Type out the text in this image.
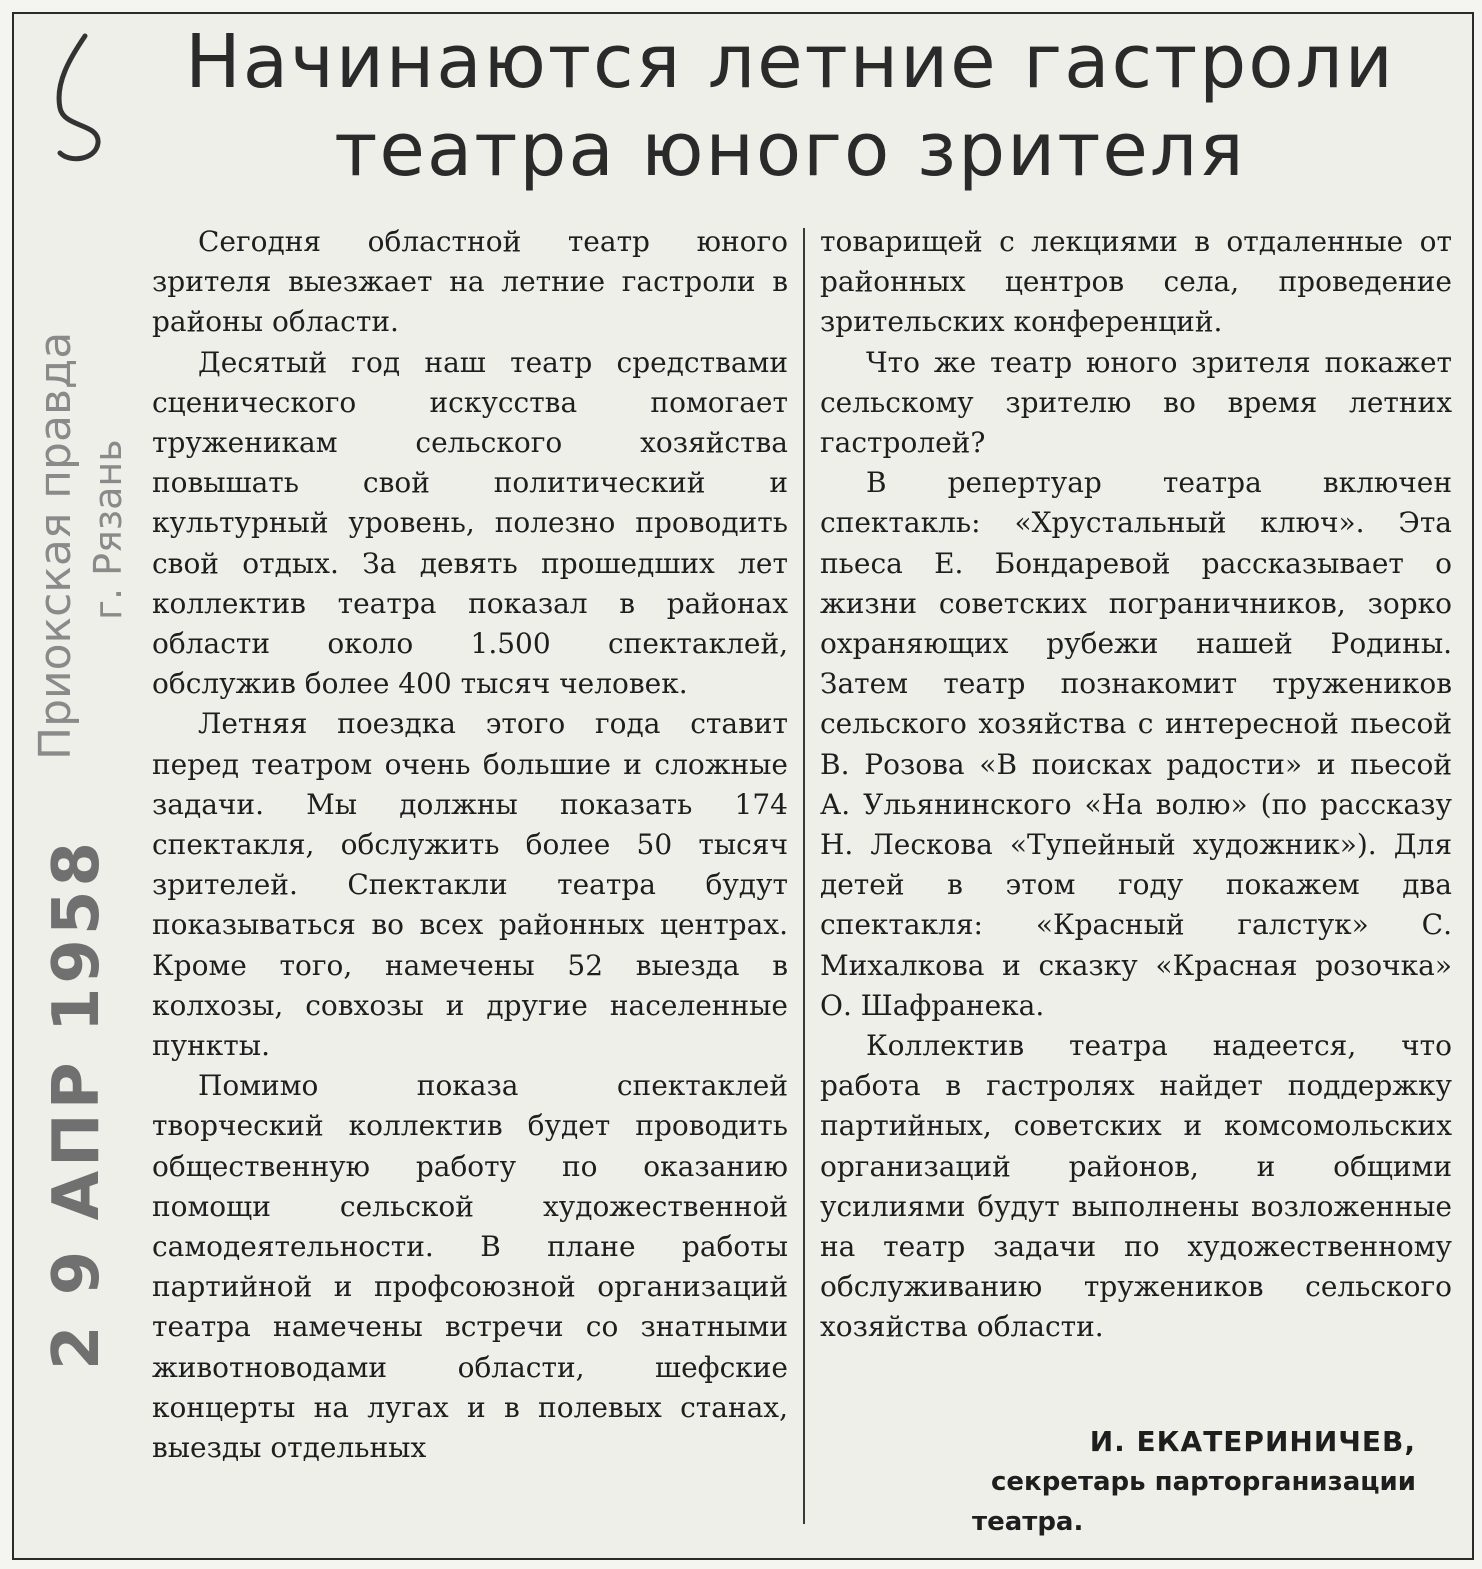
Начинаются летние гастроли
театра юного зрителя
Приокская правда г. Рязань
2 9 АПР 1958

Сегодня областной театр юного зрителя выезжает на летние гастроли в районы области.

Десятый год наш театр средствами сценического искусства помогает труженикам сельского хозяйства повышать свой политический и культурный уровень, полезно проводить свой отдых. За девять прошедших лет коллектив театра показал в районах области около 1.500 спектаклей, обслужив более 400 тысяч человек.

Летняя поездка этого года ставит перед театром очень большие и сложные задачи. Мы должны показать 174 спектакля, обслужить более 50 тысяч зрителей. Спектакли театра будут показываться во всех районных центрах. Кроме того, намечены 52 выезда в колхозы, совхозы и другие населенные пункты.

Помимо показа спектаклей творческий коллектив будет проводить общественную работу по оказанию помощи сельской художественной самодеятельности. В плане работы партийной и профсоюзной организаций театра намечены встречи со знатными животноводами области, шефские концерты на лугах и в полевых станах, выезды отдельных

товарищей с лекциями в отдаленные от районных центров села, проведение зрительских конференций.

Что же театр юного зрителя покажет сельскому зрителю во время летних гастролей?

В репертуар театра включен спектакль: «Хрустальный ключ». Эта пьеса Е. Бондаревой рассказывает о жизни советских пограничников, зорко охраняющих рубежи нашей Родины. Затем театр познакомит тружеников сельского хозяйства с интересной пьесой В. Розова «В поисках радости» и пьесой А. Ульянинского «На волю» (по рассказу Н. Лескова «Тупейный художник»). Для детей в этом году покажем два спектакля: «Красный галстук» С. Михалкова и сказку «Красная розочка» О. Шафранека.

Коллектив театра надеется, что работа в гастролях найдет поддержку партийных, советских и комсомольских организаций районов, и общими усилиями будут выполнены возложенные на театр задачи по художественному обслуживанию тружеников сельского хозяйства области.

И. ЕКАТЕРИНИЧЕВ,

секретарь парторганизации

театра.
